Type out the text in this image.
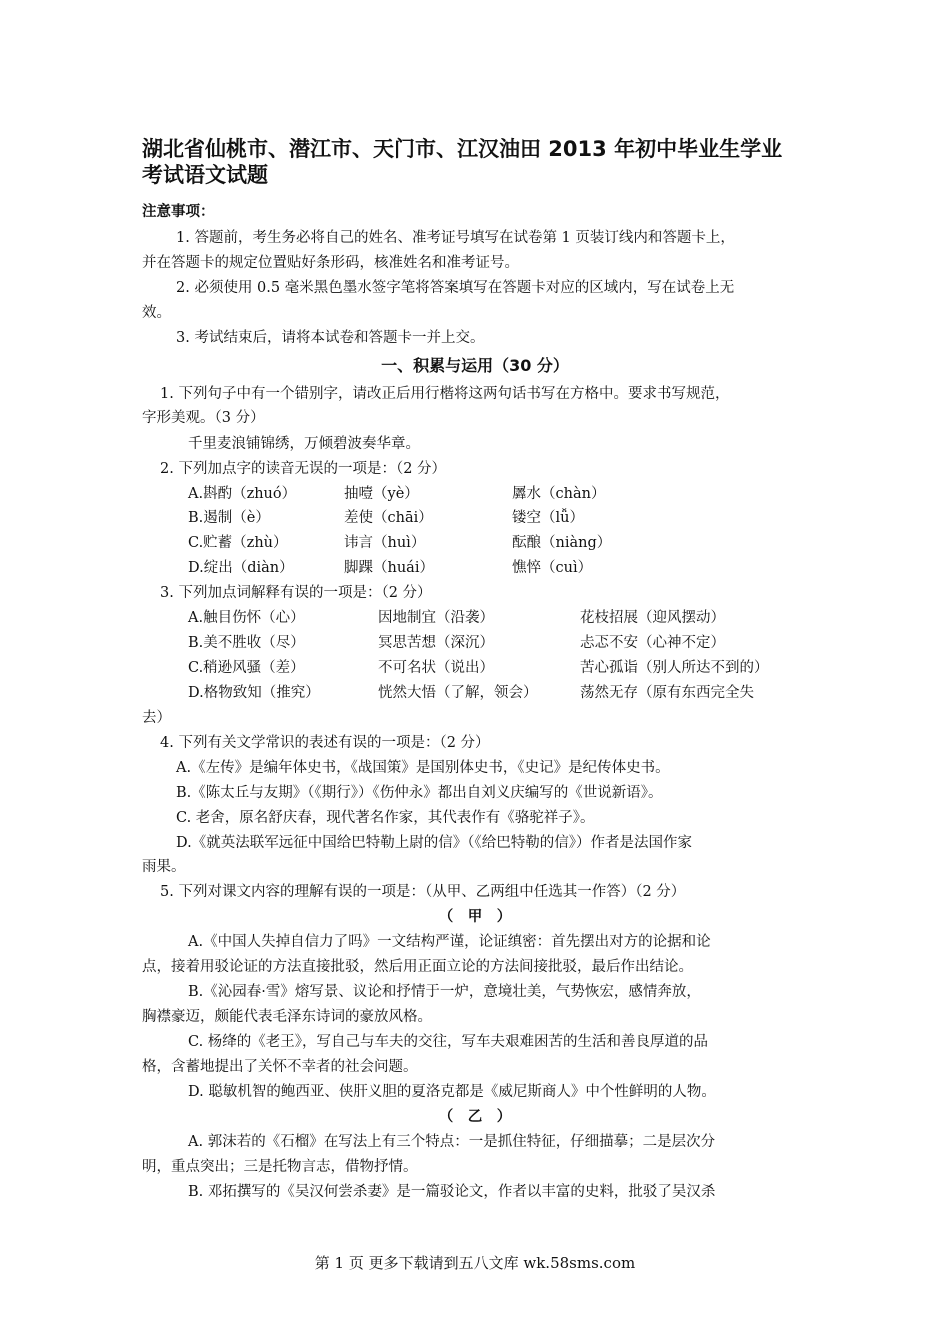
湖北省仙桃市、潜江市、天门市、江汉油田 2013 年初中毕业生学业
考试语文试题
注意事项：
1. 答题前，考生务必将自己的姓名、准考证号填写在试卷第 1 页装订线内和答题卡上，
并在答题卡的规定位置贴好条形码，核准姓名和准考证号。
2. 必须使用 0.5 毫米黑色墨水签字笔将答案填写在答题卡对应的区域内，写在试卷上无
效。
3. 考试结束后，请将本试卷和答题卡一并上交。
一、积累与运用（30 分）
1. 下列句子中有一个错别字，请改正后用行楷将这两句话书写在方格中。要求书写规范，
字形美观。（3 分）
千里麦浪铺锦绣，万倾碧波奏华章。
2. 下列加点字的读音无误的一项是：（2 分）
A.斟酌（zhuó）	抽噎（yè）	羼水（chàn）
B.遏制（è）	差使（chāi）	镂空（lǚ）
C.贮蓄（zhù）	讳言（huì）	酝酿（niàng）
D.绽出（diàn）	脚踝（huái）	憔悴（cuì）
3. 下列加点词解释有误的一项是：（2 分）
A.触目伤怀（心）	因地制宜（沿袭）	花枝招展（迎风摆动）
B.美不胜收（尽）	冥思苦想（深沉）	忐忑不安（心神不定）
C.稍逊风骚（差）	不可名状（说出）	苦心孤诣（别人所达不到的）
D.格物致知（推究）	恍然大悟（了解，领会）	荡然无存（原有东西完全失
去）
4. 下列有关文学常识的表述有误的一项是：（2 分）
A.《左传》是编年体史书，《战国策》是国别体史书，《史记》是纪传体史书。
B.《陈太丘与友期》（《期行》）《伤仲永》都出自刘义庆编写的《世说新语》。
C. 老舍，原名舒庆春，现代著名作家，其代表作有《骆驼祥子》。
D.《就英法联军远征中国给巴特勒上尉的信》（《给巴特勒的信》）作者是法国作家
雨果。
5. 下列对课文内容的理解有误的一项是：（从甲、乙两组中任选其一作答）（2 分）
（　甲　）
A.《中国人失掉自信力了吗》一文结构严谨，论证缜密：首先摆出对方的论据和论
点，接着用驳论证的方法直接批驳，然后用正面立论的方法间接批驳，最后作出结论。
B.《沁园春·雪》熔写景、议论和抒情于一炉，意境壮美，气势恢宏，感情奔放，
胸襟豪迈，颇能代表毛泽东诗词的豪放风格。
C. 杨绛的《老王》，写自己与车夫的交往，写车夫艰难困苦的生活和善良厚道的品
格，含蓄地提出了关怀不幸者的社会问题。
D. 聪敏机智的鲍西亚、侠肝义胆的夏洛克都是《威尼斯商人》中个性鲜明的人物。
（　乙　）
A. 郭沫若的《石榴》在写法上有三个特点：一是抓住特征，仔细描摹；二是层次分
明，重点突出；三是托物言志，借物抒情。
B. 邓拓撰写的《吴汉何尝杀妻》是一篇驳论文，作者以丰富的史料，批驳了吴汉杀
第 1 页 更多下载请到五八文库 wk.58sms.com
